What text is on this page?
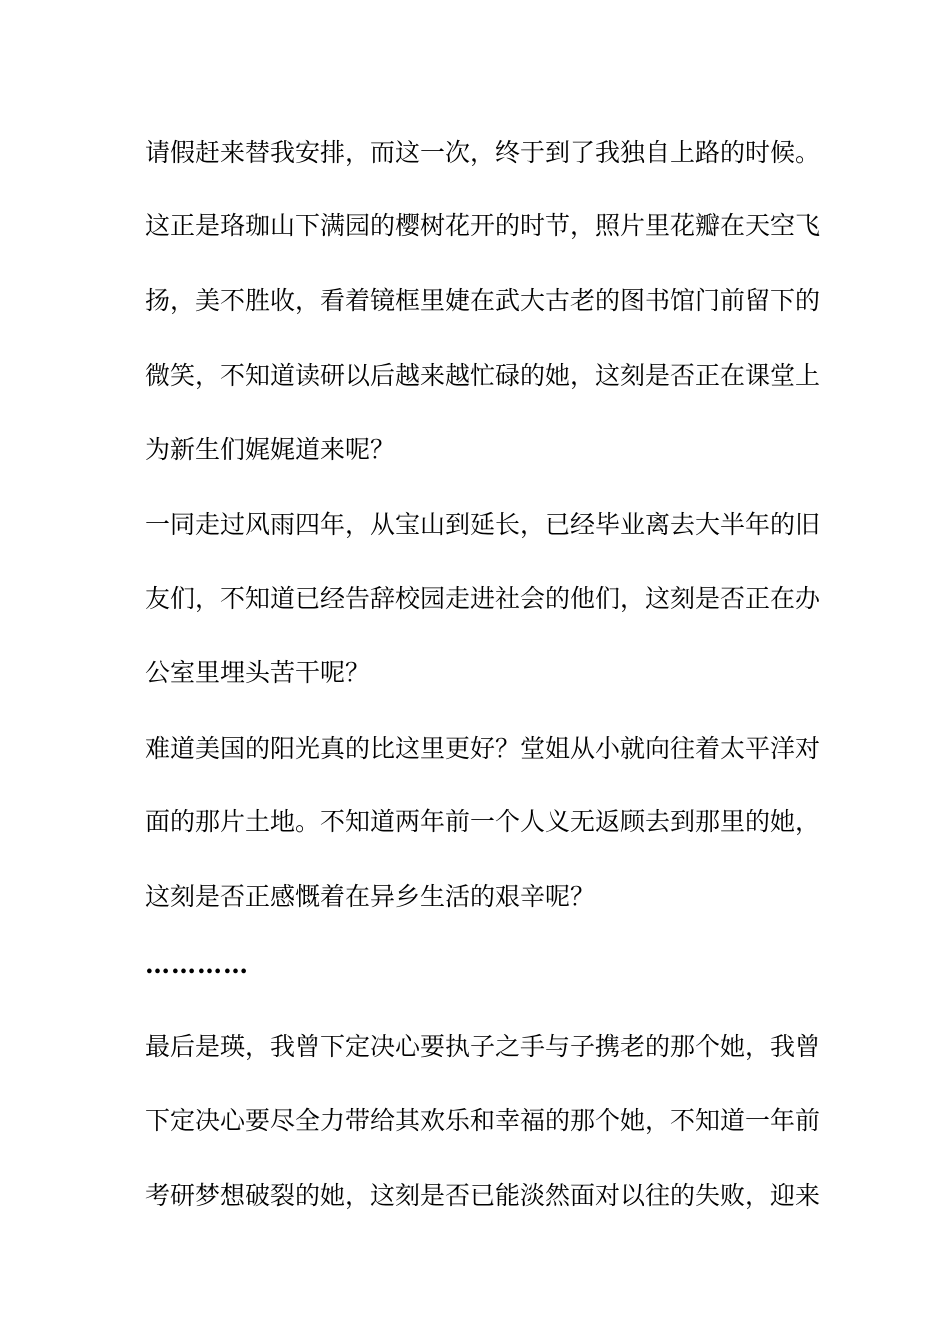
请假赶来替我安排，而这一次，终于到了我独自上路的时候。
这正是珞珈山下满园的樱树花开的时节，照片里花瓣在天空飞
扬，美不胜收，看着镜框里婕在武大古老的图书馆门前留下的
微笑，不知道读研以后越来越忙碌的她，这刻是否正在课堂上
为新生们娓娓道来呢？
一同走过风雨四年，从宝山到延长，已经毕业离去大半年的旧
友们，不知道已经告辞校园走进社会的他们，这刻是否正在办
公室里埋头苦干呢？
难道美国的阳光真的比这里更好？堂姐从小就向往着太平洋对
面的那片土地。不知道两年前一个人义无返顾去到那里的她，
这刻是否正感慨着在异乡生活的艰辛呢？
…………
最后是瑛，我曾下定决心要执子之手与子携老的那个她，我曾
下定决心要尽全力带给其欢乐和幸福的那个她，不知道一年前
考研梦想破裂的她，这刻是否已能淡然面对以往的失败，迎来
